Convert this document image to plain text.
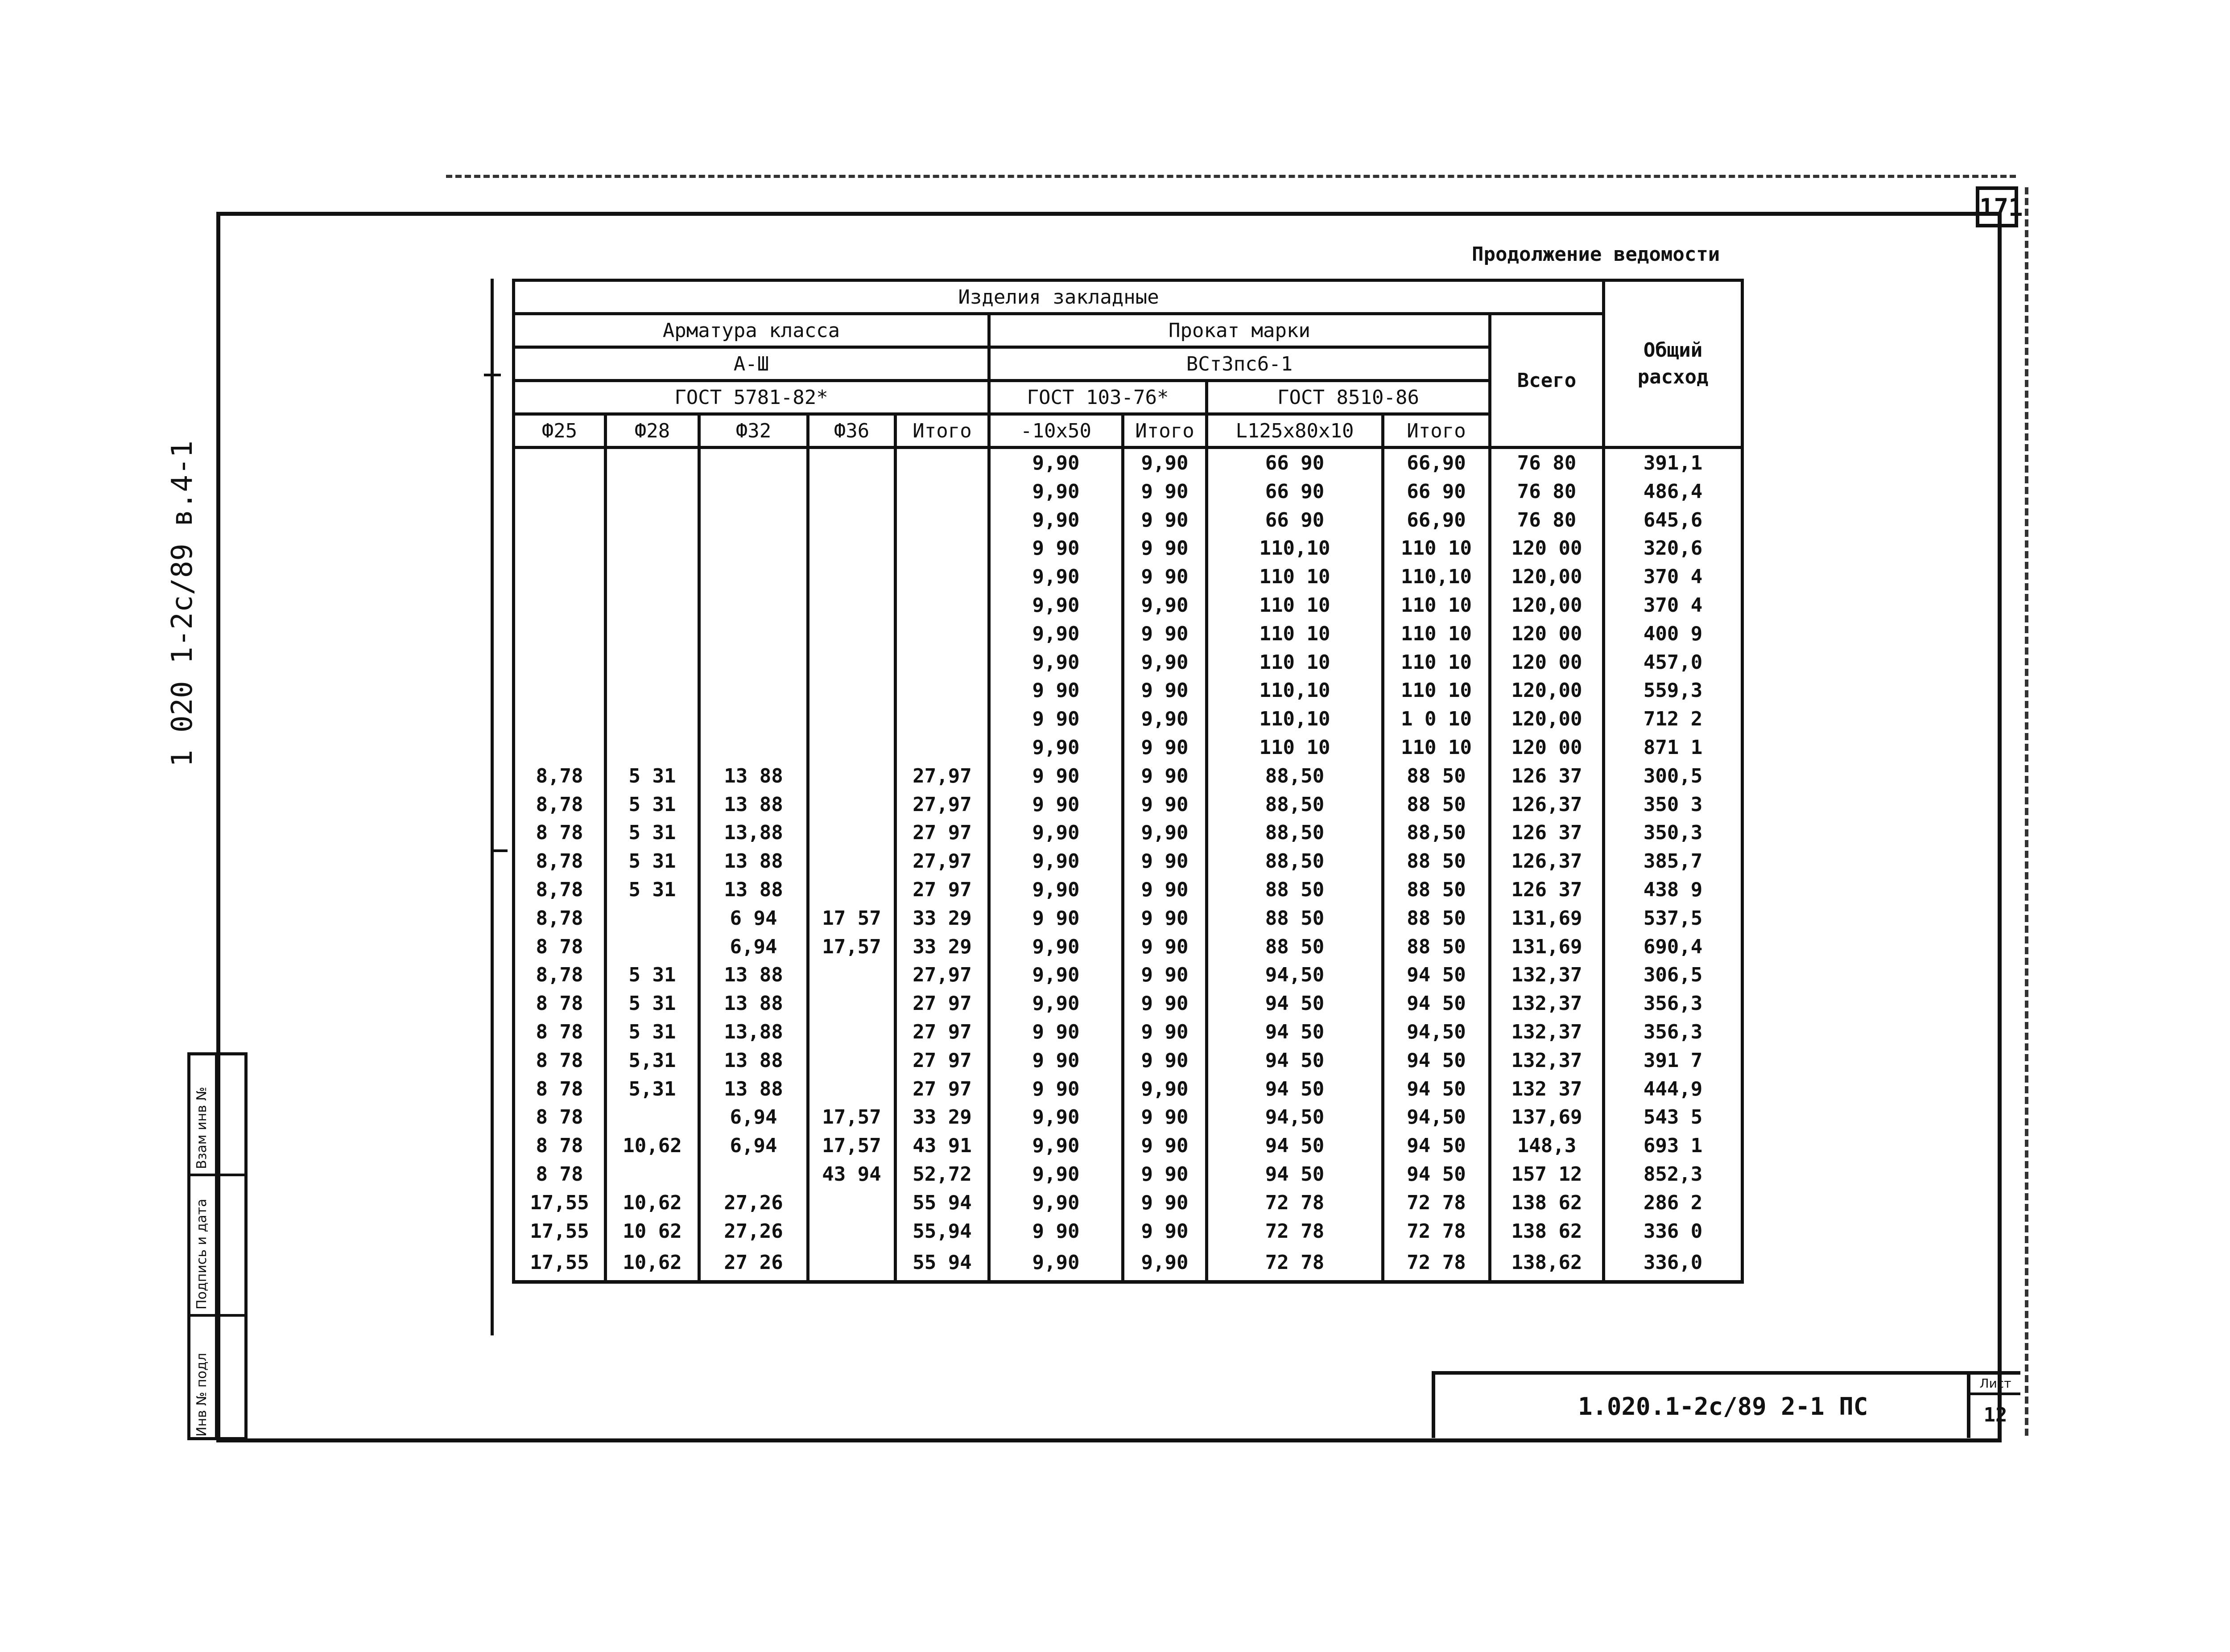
171
1 020 1-2с/89 в.4-1
Взам инв №
Подпись и дата
Инв № подл
Продолжение ведомости
Изделия закладные										Общий расход
Арматура класса					Прокат марки				Всего	
А-Ш					ВСт3пс6-1					
ГОСТ 5781-82*					ГОСТ 103-76*		ГОСТ 8510-86			
Ф25	Ф28	Ф32	Ф36	Итого	-10х50	Итого	L125х80х10	Итого		
					9,90	9,90	66 90	66,90	76 80	391,1
					9,90	9 90	66 90	66 90	76 80	486,4
					9,90	9 90	66 90	66,90	76 80	645,6
					9 90	9 90	110,10	110 10	120 00	320,6
					9,90	9 90	110 10	110,10	120,00	370 4
					9,90	9,90	110 10	110 10	120,00	370 4
					9,90	9 90	110 10	110 10	120 00	400 9
					9,90	9,90	110 10	110 10	120 00	457,0
					9 90	9 90	110,10	110 10	120,00	559,3
					9 90	9,90	110,10	1 0 10	120,00	712 2
					9,90	9 90	110 10	110 10	120 00	871 1
8,78	5 31	13 88		27,97	9 90	9 90	88,50	88 50	126 37	300,5
8,78	5 31	13 88		27,97	9 90	9 90	88,50	88 50	126,37	350 3
8 78	5 31	13,88		27 97	9,90	9,90	88,50	88,50	126 37	350,3
8,78	5 31	13 88		27,97	9,90	9 90	88,50	88 50	126,37	385,7
8,78	5 31	13 88		27 97	9,90	9 90	88 50	88 50	126 37	438 9
8,78		6 94	17 57	33 29	9 90	9 90	88 50	88 50	131,69	537,5
8 78		6,94	17,57	33 29	9,90	9 90	88 50	88 50	131,69	690,4
8,78	5 31	13 88		27,97	9,90	9 90	94,50	94 50	132,37	306,5
8 78	5 31	13 88		27 97	9,90	9 90	94 50	94 50	132,37	356,3
8 78	5 31	13,88		27 97	9 90	9 90	94 50	94,50	132,37	356,3
8 78	5,31	13 88		27 97	9 90	9 90	94 50	94 50	132,37	391 7
8 78	5,31	13 88		27 97	9 90	9,90	94 50	94 50	132 37	444,9
8 78		6,94	17,57	33 29	9,90	9 90	94,50	94,50	137,69	543 5
8 78	10,62	6,94	17,57	43 91	9,90	9 90	94 50	94 50	148,3	693 1
8 78			43 94	52,72	9,90	9 90	94 50	94 50	157 12	852,3
17,55	10,62	27,26		55 94	9,90	9 90	72 78	72 78	138 62	286 2
17,55	10 62	27,26		55,94	9 90	9 90	72 78	72 78	138 62	336 0
17,55	10,62	27 26		55 94	9,90	9,90	72 78	72 78	138,62	336,0
1.020.1-2с/89 2-1 ПС
Лист
12
